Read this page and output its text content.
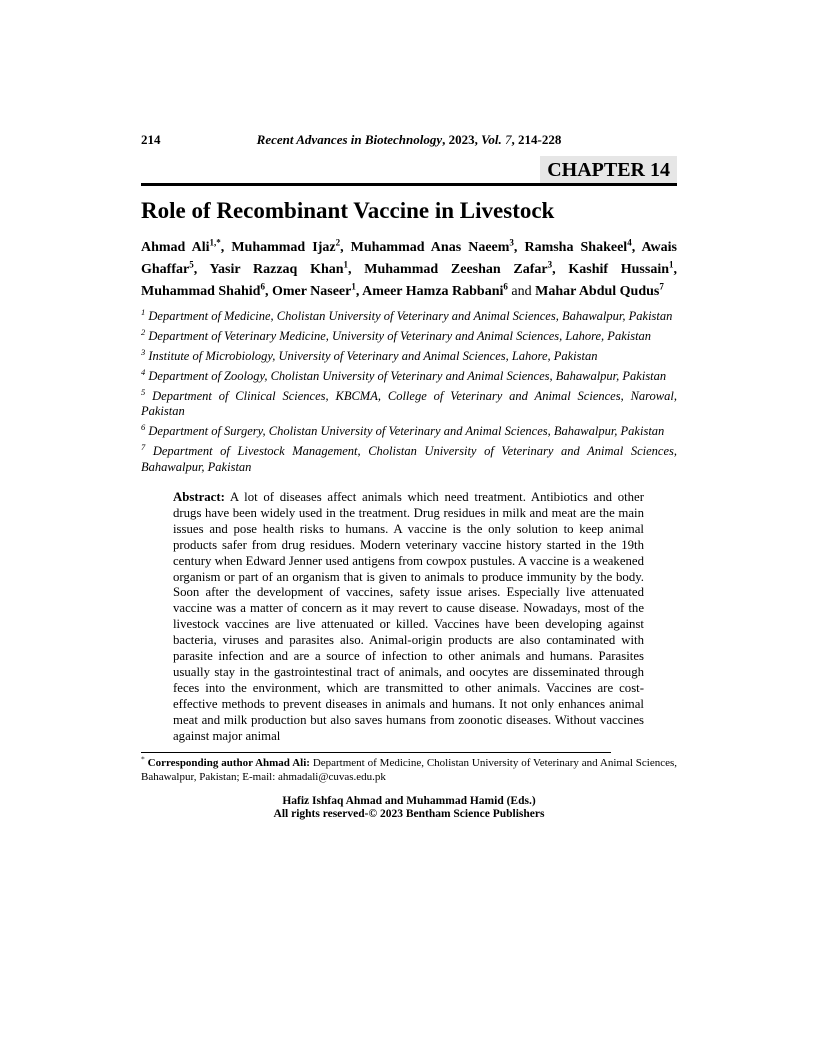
214	Recent Advances in Biotechnology, 2023, Vol. 7, 214-228
CHAPTER 14
Role of Recombinant Vaccine in Livestock

Ahmad Ali$^{1,*}$, Muhammad Ijaz$^2$, Muhammad Anas Naeem$^3$, Ramsha Shakeel$^4$, Awais Ghaffar$^5$, Yasir Razzaq Khan$^1$, Muhammad Zeeshan Zafar$^3$, Kashif Hussain$^1$, Muhammad Shahid$^6$, Omer Naseer$^1$, Ameer Hamza Rabbani$^6$ and Mahar Abdul Qudus$^7$

$^1$ Department of Medicine, Cholistan University of Veterinary and Animal Sciences, Bahawalpur, Pakistan

$^2$ Department of Veterinary Medicine, University of Veterinary and Animal Sciences, Lahore, Pakistan

$^3$ Institute of Microbiology, University of Veterinary and Animal Sciences, Lahore, Pakistan

$^4$ Department of Zoology, Cholistan University of Veterinary and Animal Sciences, Bahawalpur, Pakistan

$^5$ Department of Clinical Sciences, KBCMA, College of Veterinary and Animal Sciences, Narowal, Pakistan

$^6$ Department of Surgery, Cholistan University of Veterinary and Animal Sciences, Bahawalpur, Pakistan

$^7$ Department of Livestock Management, Cholistan University of Veterinary and Animal Sciences, Bahawalpur, Pakistan

Abstract: A lot of diseases affect animals which need treatment. Antibiotics and other drugs have been widely used in the treatment. Drug residues in milk and meat are the main issues and pose health risks to humans. A vaccine is the only solution to keep animal products safer from drug residues. Modern veterinary vaccine history started in the 19th century when Edward Jenner used antigens from cowpox pustules. A vaccine is a weakened organism or part of an organism that is given to animals to produce immunity by the body. Soon after the development of vaccines, safety issue arises. Especially live attenuated vaccine was a matter of concern as it may revert to cause disease. Nowadays, most of the livestock vaccines are live attenuated or killed. Vaccines have been developing against bacteria, viruses and parasites also. Animal-origin products are also contaminated with parasite infection and are a source of infection to other animals and humans. Parasites usually stay in the gastrointestinal tract of animals, and oocytes are disseminated through feces into the environment, which are transmitted to other animals. Vaccines are cost-effective methods to prevent diseases in animals and humans. It not only enhances animal meat and milk production but also saves humans from zoonotic diseases. Without vaccines against major animal

* Corresponding author Ahmad Ali: Department of Medicine, Cholistan University of Veterinary and Animal Sciences, Bahawalpur, Pakistan; E-mail: ahmadali@cuvas.edu.pk

Hafiz Ishfaq Ahmad and Muhammad Hamid (Eds.)
All rights reserved-© 2023 Bentham Science Publishers
